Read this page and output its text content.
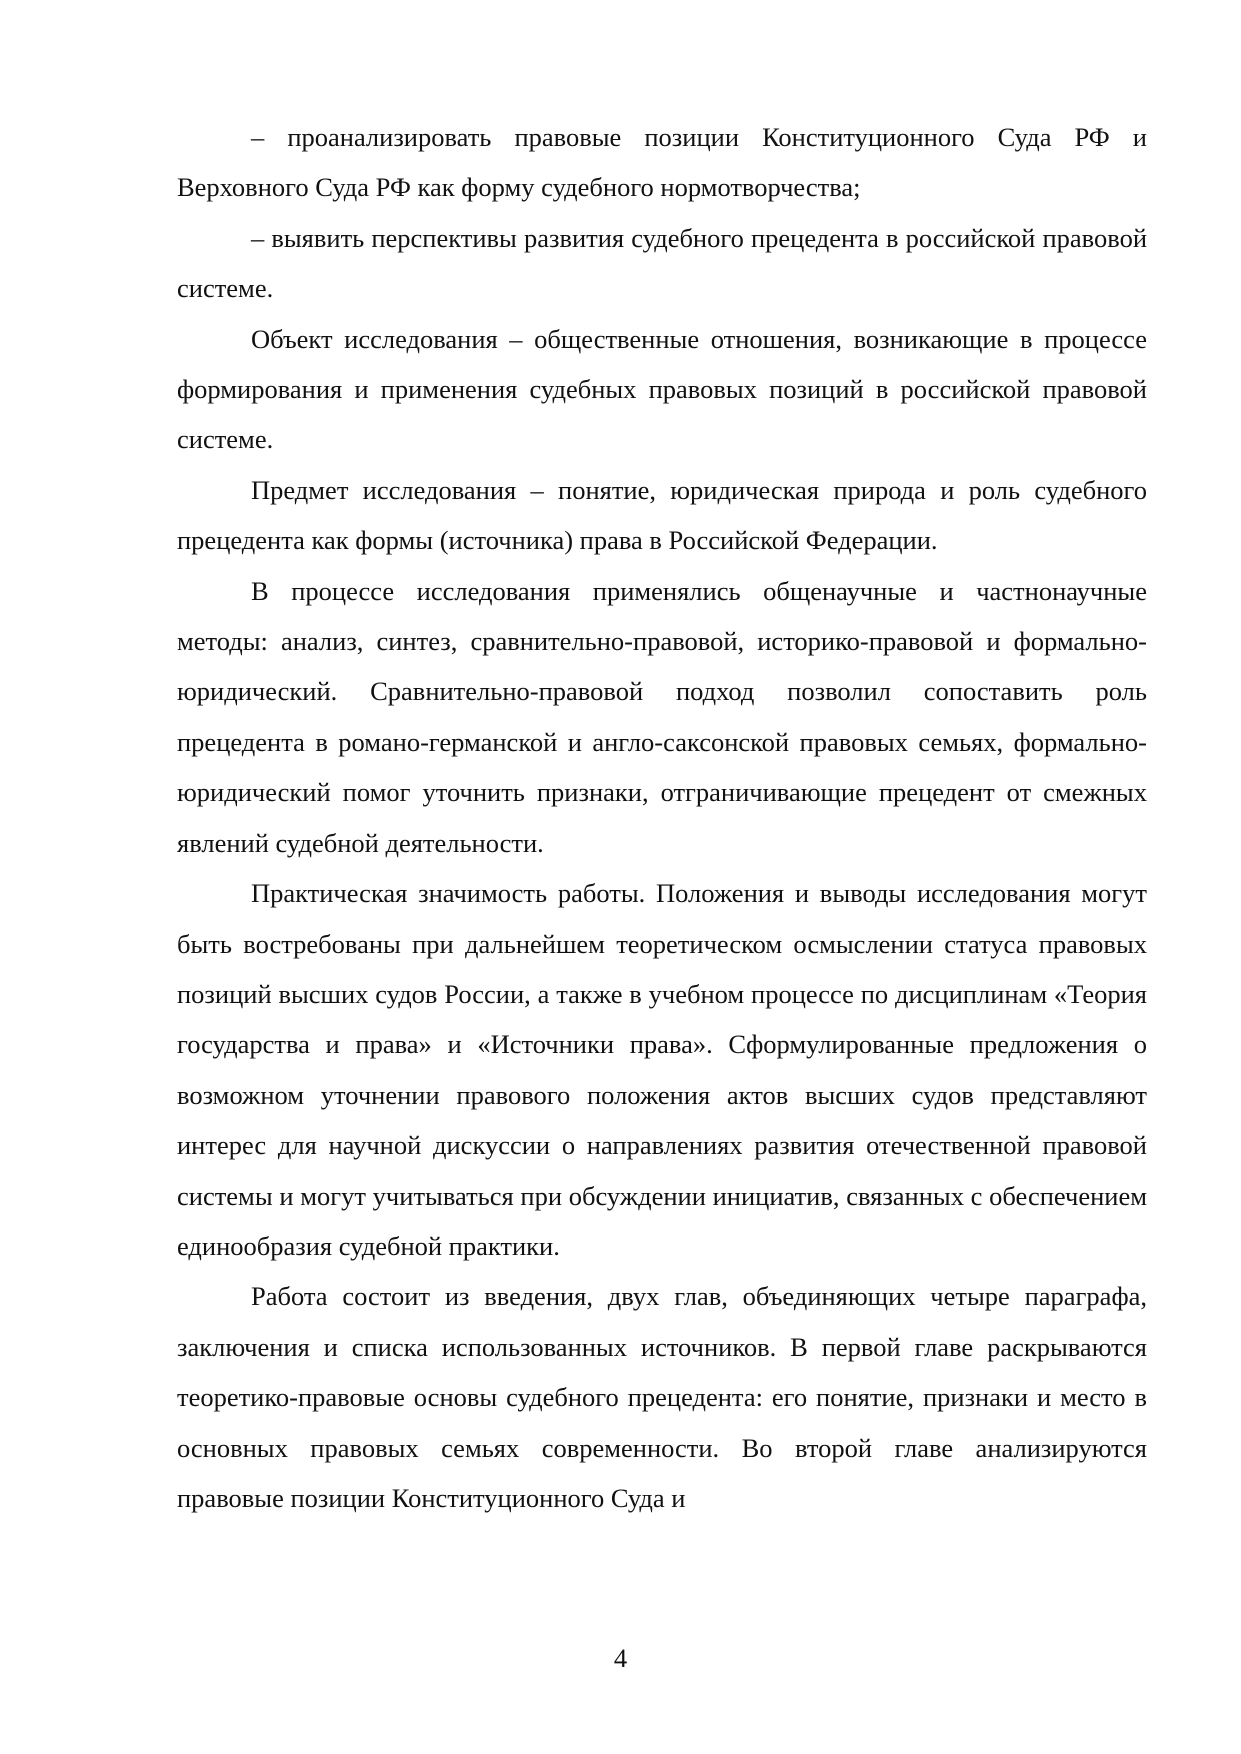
– проанализировать правовые позиции Конституционного Суда РФ и Верховного Суда РФ как форму судебного нормотворчества;

– выявить перспективы развития судебного прецедента в российской правовой системе.

Объект исследования – общественные отношения, возникающие в процессе формирования и применения судебных правовых позиций в российской правовой системе.

Предмет исследования – понятие, юридическая природа и роль судебного прецедента как формы (источника) права в Российской Федерации.

В процессе исследования применялись общенаучные и частнонаучные методы: анализ, синтез, сравнительно-правовой, историко-правовой и формально-юридический. Сравнительно-правовой подход позволил сопоставить роль прецедента в романо-германской и англо-саксонской правовых семьях, формально-юридический помог уточнить признаки, отграничивающие прецедент от смежных явлений судебной деятельности.

Практическая значимость работы. Положения и выводы исследования могут быть востребованы при дальнейшем теоретическом осмыслении статуса правовых позиций высших судов России, а также в учебном процессе по дисциплинам «Теория государства и права» и «Источники права». Сформулированные предложения о возможном уточнении правового положения актов высших судов представляют интерес для научной дискуссии о направлениях развития отечественной правовой системы и могут учитываться при обсуждении инициатив, связанных с обеспечением единообразия судебной практики.

Работа состоит из введения, двух глав, объединяющих четыре параграфа, заключения и списка использованных источников. В первой главе раскрываются теоретико-правовые основы судебного прецедента: его понятие, признаки и место в основных правовых семьях современности. Во второй главе анализируются правовые позиции Конституционного Суда и

4
